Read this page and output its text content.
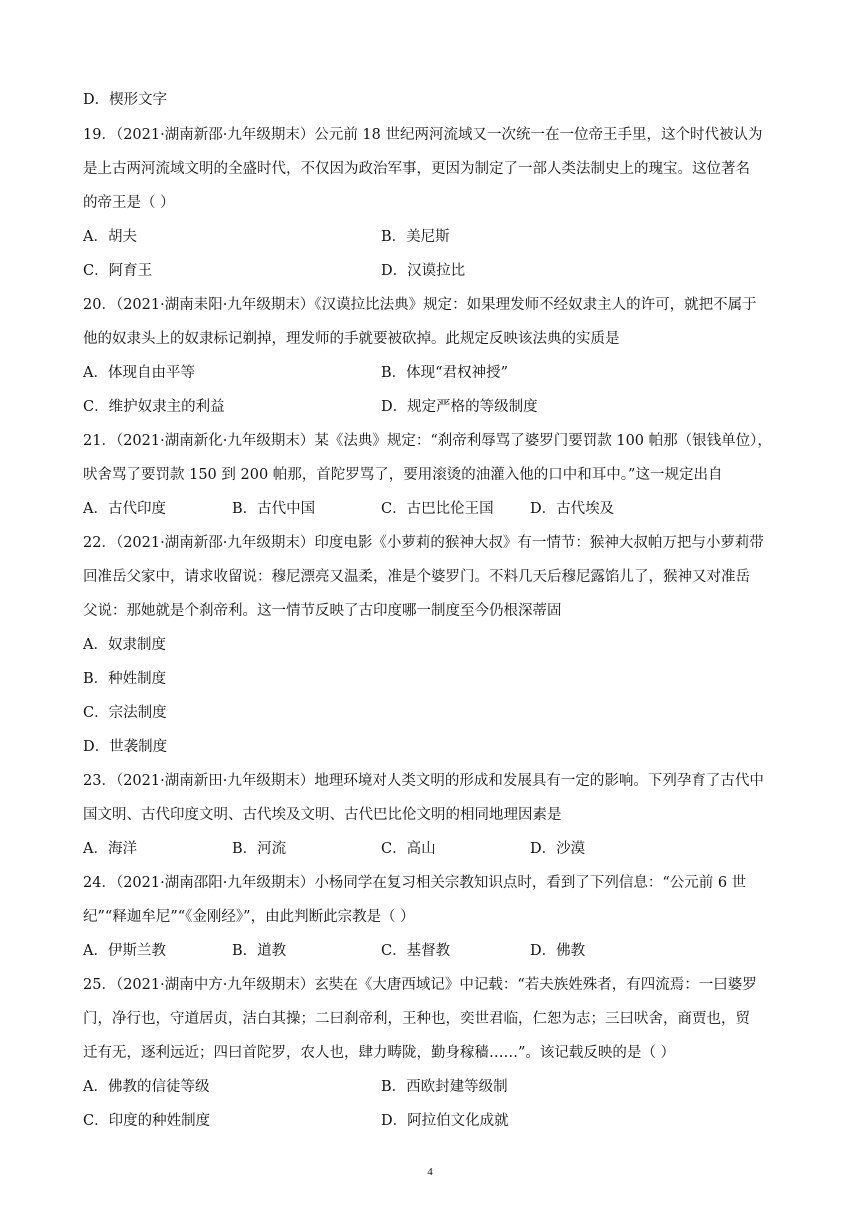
D．楔形文字
19．（2021·湖南新邵·九年级期末）公元前 18 世纪两河流域又一次统一在一位帝王手里，这个时代被认为
是上古两河流域文明的全盛时代，不仅因为政治军事，更因为制定了一部人类法制史上的瑰宝。这位著名
的帝王是（ ）
A．胡夫	B．美尼斯
C．阿育王	D．汉谟拉比
20．（2021·湖南耒阳·九年级期末）《汉谟拉比法典》规定：如果理发师不经奴隶主人的许可，就把不属于
他的奴隶头上的奴隶标记剃掉，理发师的手就要被砍掉。此规定反映该法典的实质是
A．体现自由平等	B．体现“君权神授”
C．维护奴隶主的利益	D．规定严格的等级制度
21．（2021·湖南新化·九年级期末）某《法典》规定：“刹帝利辱骂了婆罗门要罚款 100 帕那（银钱单位），
吠舍骂了要罚款 150 到 200 帕那，首陀罗骂了，要用滚烫的油灌入他的口中和耳中。”这一规定出自
A．古代印度	B．古代中国	C．古巴比伦王国	D．古代埃及
22．（2021·湖南新邵·九年级期末）印度电影《小萝莉的猴神大叔》有一情节：猴神大叔帕万把与小萝莉带
回准岳父家中，请求收留说：穆尼漂亮又温柔，准是个婆罗门。不料几天后穆尼露馅儿了，猴神又对准岳
父说：那她就是个刹帝利。这一情节反映了古印度哪一制度至今仍根深蒂固
A．奴隶制度
B．种姓制度
C．宗法制度
D．世袭制度
23．（2021·湖南新田·九年级期末）地理环境对人类文明的形成和发展具有一定的影响。下列孕育了古代中
国文明、古代印度文明、古代埃及文明、古代巴比伦文明的相同地理因素是
A．海洋	B．河流	C．高山	D．沙漠
24．（2021·湖南邵阳·九年级期末）小杨同学在复习相关宗教知识点时，看到了下列信息：“公元前 6 世
纪”“释迦牟尼”“《金刚经》”，由此判断此宗教是（ ）
A．伊斯兰教	B．道教	C．基督教	D．佛教
25．（2021·湖南中方·九年级期末）玄奘在《大唐西域记》中记载：“若夫族姓殊者，有四流焉：一曰婆罗
门，净行也，守道居贞，洁白其操；二曰刹帝利，王种也，奕世君临，仁恕为志；三曰吠舍，商贾也，贸
迁有无，逐利远近；四曰首陀罗，农人也，肆力畴陇，勤身稼穑……”。该记载反映的是（ ）
A．佛教的信徒等级	B．西欧封建等级制
C．印度的种姓制度	D．阿拉伯文化成就
4
